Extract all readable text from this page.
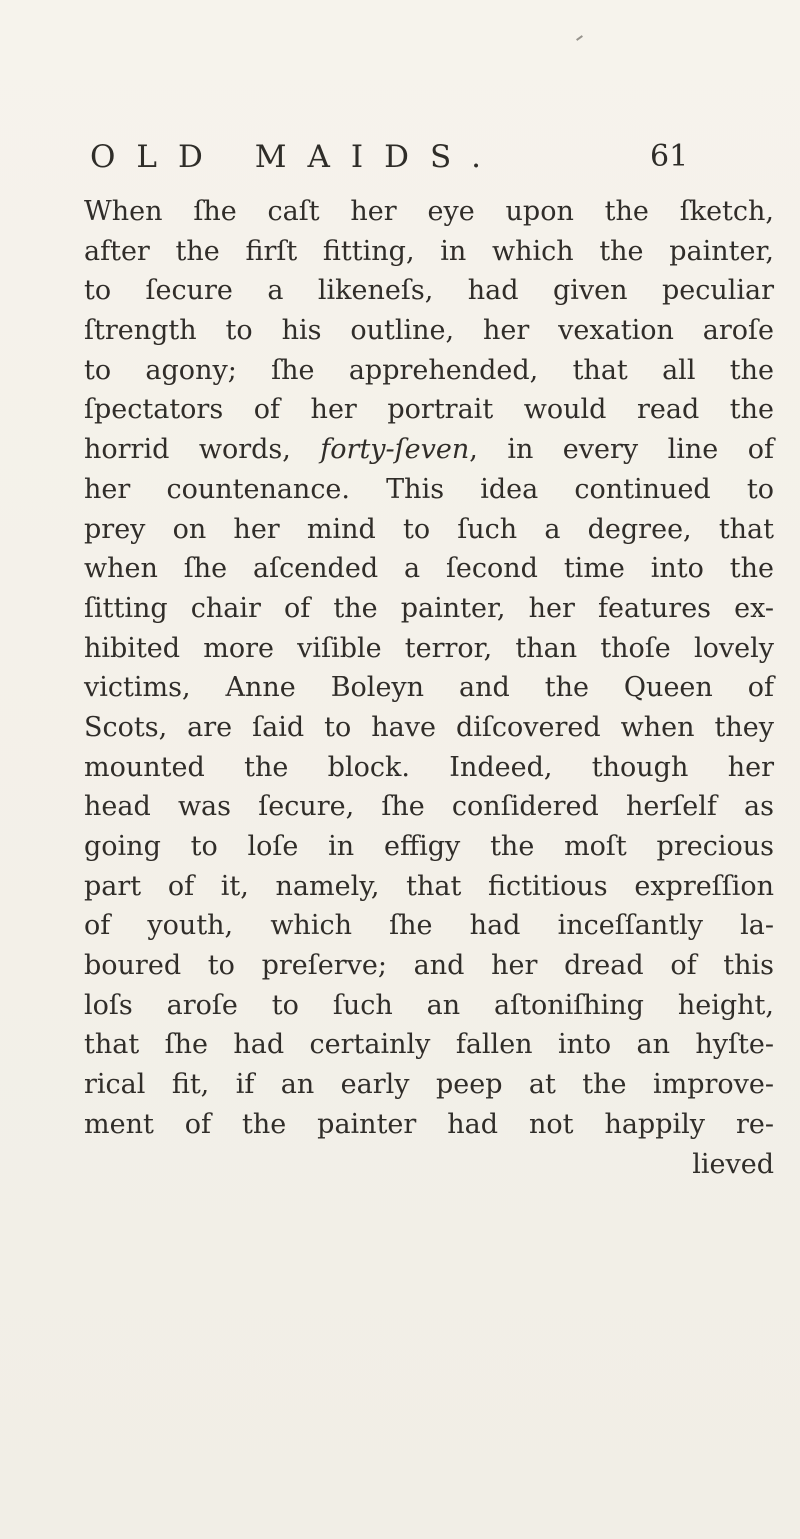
OLD MAIDS.	61
When ſhe caſt her eye upon the ſketch,
after the firſt fitting, in which the painter,
to ſecure a likeneſs, had given peculiar
ſtrength to his outline, her vexation aroſe
to agony; ſhe apprehended, that all the
ſpectators of her portrait would read the
horrid words, forty-ſeven, in every line of
her countenance. This idea continued to
prey on her mind to ſuch a degree, that
when ſhe aſcended a ſecond time into the
ſitting chair of the painter, her features ex-
hibited more viſible terror, than thoſe lovely
victims, Anne Boleyn and the Queen of
Scots, are ſaid to have diſcovered when they
mounted the block. Indeed, though her
head was ſecure, ſhe conſidered herſelf as
going to loſe in effigy the moſt precious
part of it, namely, that fictitious expreſſion
of youth, which ſhe had inceſſantly la-
boured to preſerve; and her dread of this
loſs aroſe to ſuch an aſtoniſhing height,
that ſhe had certainly fallen into an hyſte-
rical fit, if an early peep at the improve-
ment of the painter had not happily re-
lieved
